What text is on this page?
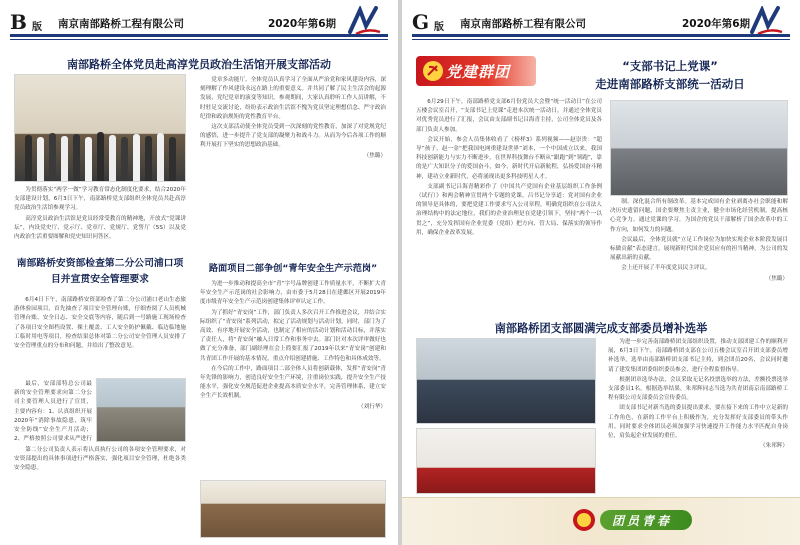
B 版 南京南部路桥工程有限公司	2020年第6期
南部路桥全体党员赴高淳党员政治生活馆开展支部活动

为贯彻落实“两学一做”学习教育常态化制度化要求，结合2020年支部建设计划，6月3日下午，南部路桥党支部组织全体党员共赴高淳党员政治生活馆参观学习。

高淳党员政治生活馆是党员经常受教育的精神地，开放式“党课讲坛”，内设党史厅、党示厅、党章厅、党规厅、党誓厅（5S）以及党内政治生活重要图解和党史知识问答区。

党章多动能厅。全体党员认真学习了全面从严治党和家风建设内容，深刻理解了作风建设永远在路上的重要意义。并共同了解了民主生活会的起源发展、党纪党章的演变等知识。参观期间，大家认真聆听工作人员讲解，不时驻足交流讨论，纷纷表示政治生活馆不愧为党员坚定理想信念、严守政治纪律和政治规矩的党性教育平台。

这次支部活动使全体党员受到一次深刻的党性教育，加深了对党规党纪的感悟，进一步提升了党支部的凝聚力和战斗力。从而为今后各项工作的顺利开展打下坚实的思想政治基础。

（焦璐）
南部路桥安资部检查第二分公司浦口项目并宣贯安全管理要求

6月4日下午，南部路桥安资部检查了第二分公司浦口老山生态旅游体验园项目，首先抽查了项目安全管理台账，仔细查阅了人员机械管理台账、安全日志、安全交底等内容，随后到一号路施工现场检查了各项日安全图档设置、裸土覆盖、工人安全防护佩戴、临边临地施工临时用电等项目，检查结果总体对第二分公司安全管理人员安排了安全管理重点的分布和问题，并给出了整改意见。

最后，安部部特总公司最新的安全管理要求向第二分公司主要管理人员进行了宣贯，主要内容有：1、认真组织开展2020年“消除事故隐患，筑牢安全防线”安全生产月活动；2、严格按照公司要求从严进行

第二分公司负责人表示将认真执行公司的各项安全管理要求，对安资部提出的具体事项进行严格落实，强化项目安全管理，杜绝各类安全隐患。

路面项目二部争创“青年安全生产示范岗”

为进一步推动和提高全市“青”字号品牌创建工作质量水平，不断扩大青年安全生产示范岗的社会影响力，由市委于5月28日在建邺区开展2019年度市级青年安全生产示范岗创建集体评审认定工作。

为了抓好“青安岗”工作，部门负责人多次召开工作推进会议，并结合实际组织了“青安岗”系列活动，拟定了活动规划与活动计划。同时，部门为了高效、有序地开展安全活动，也制定了相应的活动计划和活动目标，并落实了责任人，将“青安岗”融入日常工作和事务中去。部门针对本次评审做好也做了充分准备，部门副经理在会上简要汇报了2019年以来“青安岗”创建和共青团工作开展的基本情况，重点介绍创建措施、工作特色和具体成效等。

在今后的工作中，路面项目二部全体人员将创新载体，发挥“青安岗”青年先锋的影响力，创造良好安全生产环境，注重岗位实践，提升安全生产技能水平，强化安全规范促进企业提高本质安全水平，完善管理体系，建立安全生产长效机制。

（刘行华）
G 版 南京南部路桥工程有限公司	2020年第6期
党建群团	“支部书记上党课”
走进南部路桥支部统一活动日

6月29日下午，南部路桥党支部6月份党员大会暨“统一活动日”在公司五楼会议室召开，“支部书记上党课”走进本次统一活动日，并通过全体党员对优秀党员进行了汇报，会议由支部副书记吕海青主持，公司全体党员及各部门负责人参加。

会议开始，参会人员集体收看了《榜样3》系列视频——赵崇贵：“超导”孩子、赵一金“把我国电网重建设世界”刘本，一个中国成立以来，我国科技创新能力与实力不断进步，在世界科技舞台不断从“跟跑”到“领跑”，靠的是广大知识分子的爱国奋斗，如今，新时代开启新航程，弘扬爱国奋斗精神，建功立业新时代，必将涌现出更多科技明星人才。

支部副书记吕海青精彩作了《中国共产党国有企业基层组织工作条例（试行）》和两会精神宣贯两个专题的党课。吕书记分享道：党对国有企业的领导是具体的，要把党建工作要求写入公司章程，明确党组织在公司法人治理结构中的法定地位，我们的企业治理是在党建引领下，坚持“两个一以贯之”，充分发挥国有企业党委（党组）把方向、管大局、保落实的领导作用，确保企业改革发展。

制、深化混合所有制改革。基本完成国有企业剥离办社会职能和解决历史遗留问题，国企要聚焦主责主业，健全市场化经营机制，提高核心竞争力。通过党课的学习，为国企的党员干部解析了国企改革中的工作方向，如何发力的问题。

会议最后，全体党员就“立足工作岗位为加快实现企业本阶段发展目标做贡献”表态建言，展现新时代国企党员应有的担当精神，为公司的发展献出新的贡献。

会上还开展了半年度党员民主评议。

（焦璐）
南部路桥团支部圆满完成支部委员增补选举

为进一步完善南部路桥团支部组织设置，推动支部团建工作的顺利开展，6月3日下午，南部路桥团支部在公司五楼会议室召开团支部委员增补选举。选举由南部路桥团支部书记主持，到会团员20名，会议同时邀请了建发集团团委组织委员参会，进行全程监督指导。

根据团章选举办法，会议采取无记名投票选举的方法，差额投票选举支部委员1名，根据选举结果，朱邦辉同志当选为共青团南京南部路桥工程有限公司支部委员会宣传委员。

团支部书记对新当选的委员提出要求，要在接下来的工作中立足新的工作角色，在新的工作平台上积极作为，充分发挥好支部委员的带头作用。同时要求全体团员必须加强学习快速提升工作能力水平匹配自身岗位，肩负起企业发展的重任。

（朱邦辉）
团员青春
